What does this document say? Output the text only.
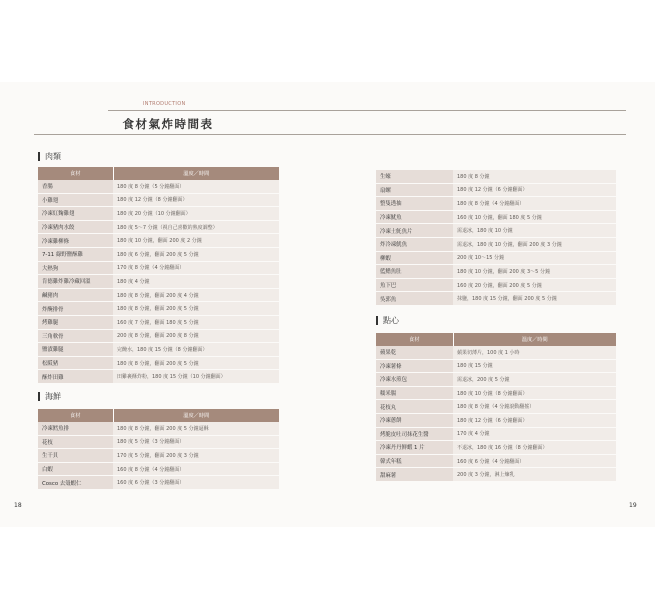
INTRODUCTION
食材氣炸時間表
肉類
食材	溫度／時間
香腸	180 度 8 分鐘（5 分鐘翻面）
小雞翅	180 度 12 分鐘（8 分鐘翻面）
冷凍紅麴雞翅	180 度 20 分鐘（10 分鐘翻面）
冷凍豬肉水餃	180 度 5～7 分鐘（視自己喜歡的熟度調整）
冷凍雞柳條	180 度 10 分鐘，翻面 200 度 2 分鐘
7-11 綠野鹽酥雞	180 度 6 分鐘，翻面 200 度 5 分鐘
大熱狗	170 度 8 分鐘（4 分鐘翻面）
肯德雞炸雞冷藏回溫	180 度 4 分鐘
鹹豬肉	180 度 8 分鐘，翻面 200 度 4 分鐘
炸醃排骨	180 度 8 分鐘，翻面 200 度 5 分鐘
烤雞腿	160 度 7 分鐘，翻面 180 度 5 分鐘
三角軟骨	200 度 8 分鐘，翻面 200 度 8 分鐘
鹽漬雞腿	完醃水，180 度 15 分鐘（8 分鐘翻面）
松阪豬	180 度 8 分鐘，翻面 200 度 5 分鐘
酥炸田雞	田雞裹酥炸粉，180 度 15 分鐘（10 分鐘翻面）
海鮮
食材	溫度／時間
冷凍鱈魚排	180 度 8 分鐘，翻面 200 度 5 分鐘逼酥
花枝	180 度 5 分鐘（3 分鐘翻面）
生干貝	170 度 5 分鐘，翻面 200 度 3 分鐘
白蝦	160 度 8 分鐘（4 分鐘翻面）
Cosco 去殼蝦仁	160 度 6 分鐘（3 分鐘翻面）
18
生蠔	180 度 8 分鐘
扇螺	180 度 12 分鐘（6 分鐘翻面）
整隻透抽	180 度 8 分鐘（4 分鐘翻面）
冷凍魷魚	160 度 10 分鐘，翻面 180 度 5 分鐘
冷凍土魠魚片	需退冰，180 度 10 分鐘
炸冷凍魷魚	需退冰，180 度 10 分鐘，翻面 200 度 3 分鐘
柳蝦	200 度 10～15 分鐘
藍鰭魚肚	180 度 10 分鐘，翻面 200 度 3～5 分鐘
魚下巴	160 度 20 分鐘，翻面 200 度 5 分鐘
吳郭魚	抹鹽，180 度 15 分鐘，翻面 200 度 5 分鐘
點心
食材	溫度／時間
蘋果乾	蘋果切薄片，100 度 1 小時
冷凍薯條	180 度 15 分鐘
冷凍水煎包	需退冰，200 度 5 分鐘
糯米腸	180 度 10 分鐘（8 分鐘翻面）
花枝丸	180 度 8 分鐘（4 分鐘滾動翻搖）
冷凍蔥餅	180 度 12 分鐘（6 分鐘翻面）
烤脆皮吐司抹花生醬	170 度 4 分鐘
冷凍丹丹鮮蝦 1 片	不退冰，180 度 16 分鐘（8 分鐘翻面）
韓式年糕	160 度 6 分鐘（4 分鐘翻面）
甜麻薯	200 度 3 分鐘，淋上煉乳
19
